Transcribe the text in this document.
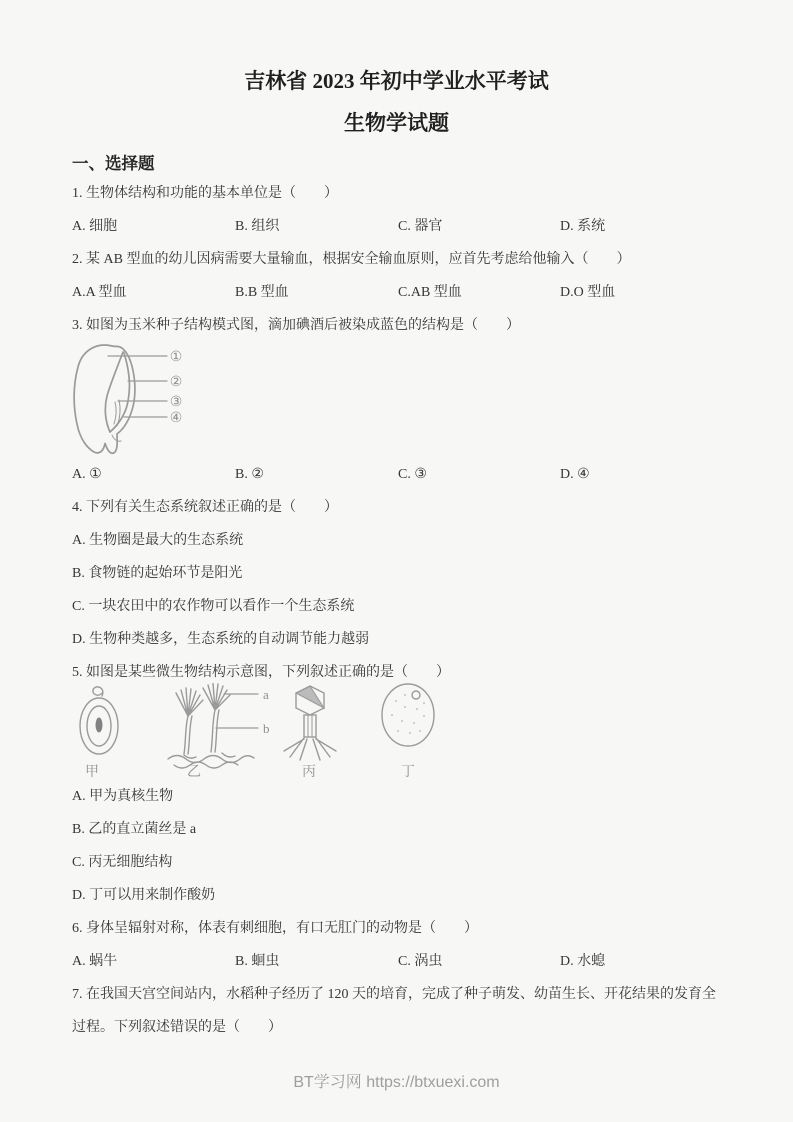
吉林省 2023 年初中学业水平考试
生物学试题
一、选择题
1. 生物体结构和功能的基本单位是（　　）
A. 细胞	B. 组织	C. 器官	D. 系统
2. 某 AB 型血的幼儿因病需要大量输血，根据安全输血原则，应首先考虑给他输入（　　）
A.A 型血	B.B 型血	C.AB 型血	D.O 型血
3. 如图为玉米种子结构模式图，滴加碘酒后被染成蓝色的结构是（　　）
①
②
③
④
A. ①	B. ②	C. ③	D. ④
4. 下列有关生态系统叙述正确的是（　　）
A. 生物圈是最大的生态系统
B. 食物链的起始环节是阳光
C. 一块农田中的农作物可以看作一个生态系统
D. 生物种类越多，生态系统的自动调节能力越弱
5. 如图是某些微生物结构示意图，下列叙述正确的是（　　）
a
b
甲	乙	丙	丁
A. 甲为真核生物
B. 乙的直立菌丝是 a
C. 丙无细胞结构
D. 丁可以用来制作酸奶
6. 身体呈辐射对称，体表有刺细胞，有口无肛门的动物是（　　）
A. 蜗牛	B. 蛔虫	C. 涡虫	D. 水螅
7. 在我国天宫空间站内，水稻种子经历了 120 天的培育，完成了种子萌发、幼苗生长、开花结果的发育全
过程。下列叙述错误的是（　　）
BT学习网 https://btxuexi.com
